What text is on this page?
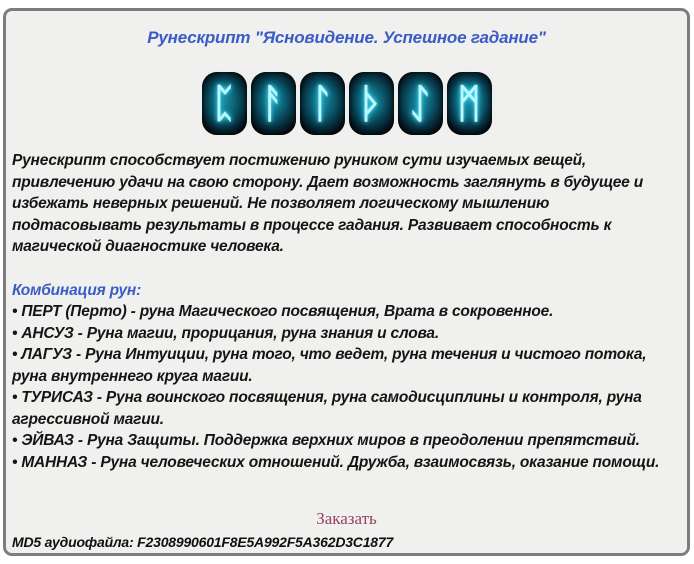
Рунескрипт "Ясновидение. Успешное гадание"
ᛈ ᚨ ᛚ ᚦ ᛇ ᛗ
Рунескрипт способствует постижению руником сути изучаемых вещей, привлечению удачи на свою сторону. Дает возможность заглянуть в будущее и избежать неверных решений. Не позволяет логическому мышлению подтасовывать результаты в процессе гадания. Развивает способность к магической диагностике человека.
Комбинация рун:
• ПЕРТ (Перто) - руна Магического посвящения, Врата в сокровенное.
• АНСУЗ - Руна магии, прорицания, руна знания и слова.
• ЛАГУЗ - Руна Интуиции, руна того, что ведет, руна течения и чистого потока, руна внутреннего круга магии.
• ТУРИСАЗ - Руна воинского посвящения, руна самодисциплины и контроля, руна агрессивной магии.
• ЭЙВАЗ - Руна Защиты. Поддержка верхних миров в преодолении препятствий.
• МАННАЗ - Руна человеческих отношений. Дружба, взаимосвязь, оказание помощи.
Заказать
MD5 аудиофайла: F2308990601F8E5A992F5A362D3C1877
